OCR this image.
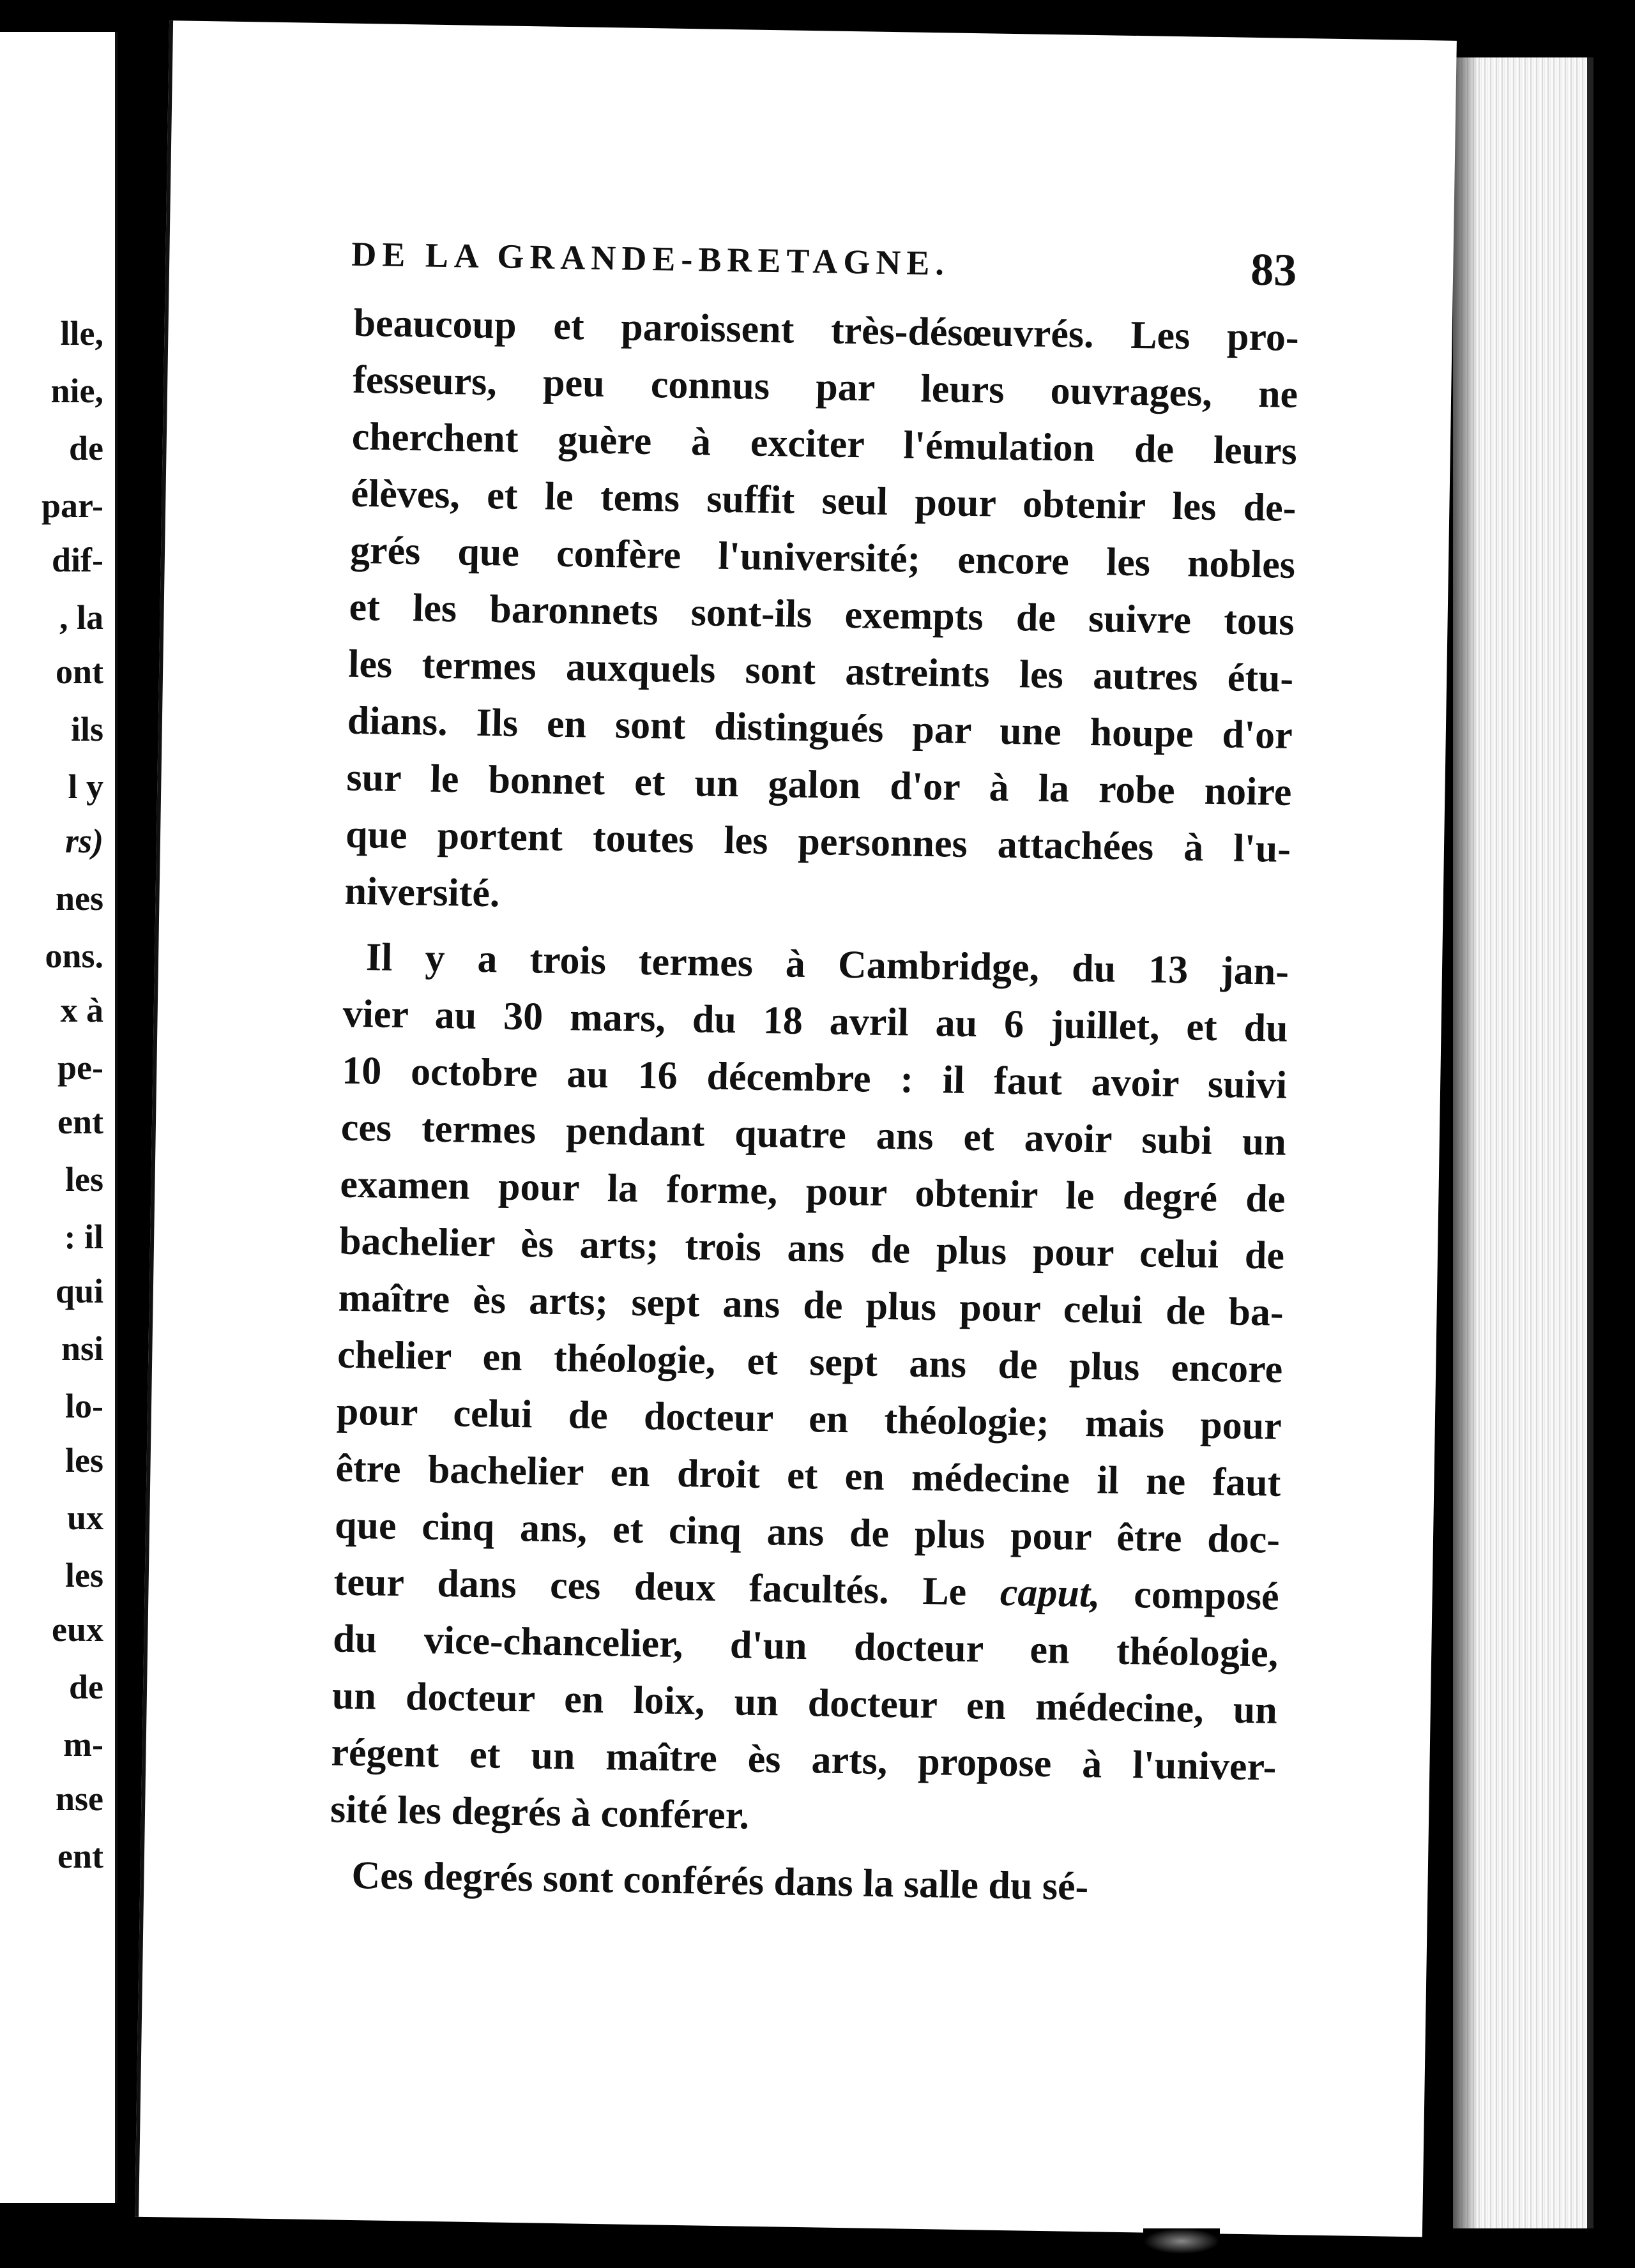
lle,
nie,
de
par-
dif-
, la
ont
ils
l y
rs)
nes
ons.
x à
pe-
ent
les
: il
qui
nsi
lo-
les
ux
les
eux
de
m-
nse
ent
DE LA GRANDE-BRETAGNE.	83
beaucoup et paroissent très-désœuvrés. Les pro-
fesseurs, peu connus par leurs ouvrages, ne
cherchent guère à exciter l'émulation de leurs
élèves, et le tems suffit seul pour obtenir les de-
grés que confère l'université; encore les nobles
et les baronnets sont-ils exempts de suivre tous
les termes auxquels sont astreints les autres étu-
dians. Ils en sont distingués par une houpe d'or
sur le bonnet et un galon d'or à la robe noire
que portent toutes les personnes attachées à l'u-
niversité.
Il y a trois termes à Cambridge, du 13 jan-
vier au 30 mars, du 18 avril au 6 juillet, et du
10 octobre au 16 décembre : il faut avoir suivi
ces termes pendant quatre ans et avoir subi un
examen pour la forme, pour obtenir le degré de
bachelier ès arts; trois ans de plus pour celui de
maître ès arts; sept ans de plus pour celui de ba-
chelier en théologie, et sept ans de plus encore
pour celui de docteur en théologie; mais pour
être bachelier en droit et en médecine il ne faut
que cinq ans, et cinq ans de plus pour être doc-
teur dans ces deux facultés. Le caput, composé
du vice-chancelier, d'un docteur en théologie,
un docteur en loix, un docteur en médecine, un
régent et un maître ès arts, propose à l'univer-
sité les degrés à conférer.
Ces degrés sont conférés dans la salle du sé-
